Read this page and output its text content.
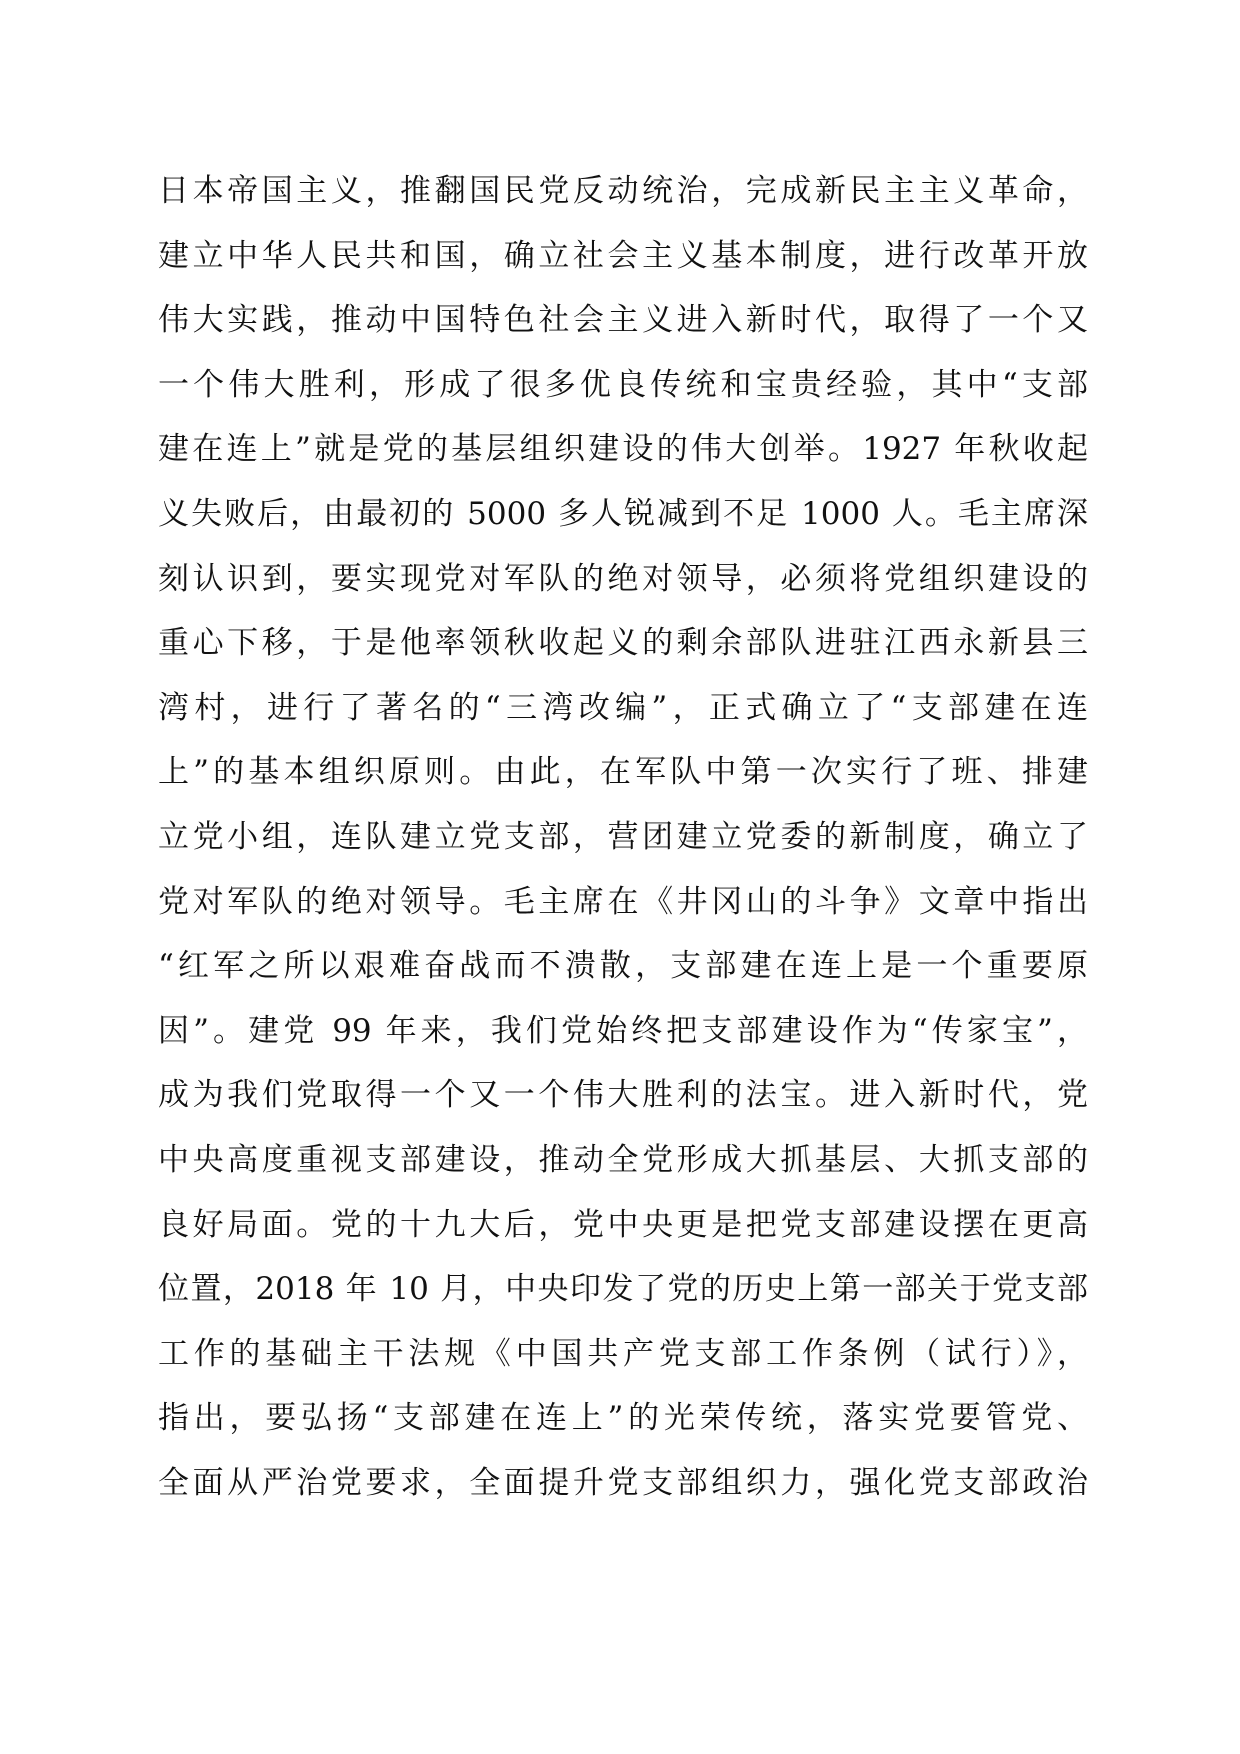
日本帝国主义，推翻国民党反动统治，完成新民主主义革命，
建立中华人民共和国，确立社会主义基本制度，进行改革开放
伟大实践，推动中国特色社会主义进入新时代，取得了一个又
一个伟大胜利，形成了很多优良传统和宝贵经验，其中“支部
建在连上”就是党的基层组织建设的伟大创举。1927 年秋收起
义失败后，由最初的 5000 多人锐减到不足 1000 人。毛主席深
刻认识到，要实现党对军队的绝对领导，必须将党组织建设的
重心下移，于是他率领秋收起义的剩余部队进驻江西永新县三
湾村，进行了著名的“三湾改编”，正式确立了“支部建在连
上”的基本组织原则。由此，在军队中第一次实行了班、排建
立党小组，连队建立党支部，营团建立党委的新制度，确立了
党对军队的绝对领导。毛主席在《井冈山的斗争》文章中指出
“红军之所以艰难奋战而不溃散，支部建在连上是一个重要原
因”。建党 99 年来，我们党始终把支部建设作为“传家宝”，
成为我们党取得一个又一个伟大胜利的法宝。进入新时代，党
中央高度重视支部建设，推动全党形成大抓基层、大抓支部的
良好局面。党的十九大后，党中央更是把党支部建设摆在更高
位置，2018 年 10 月，中央印发了党的历史上第一部关于党支部
工作的基础主干法规《中国共产党支部工作条例（试行）》，
指出，要弘扬“支部建在连上”的光荣传统，落实党要管党、
全面从严治党要求，全面提升党支部组织力，强化党支部政治
